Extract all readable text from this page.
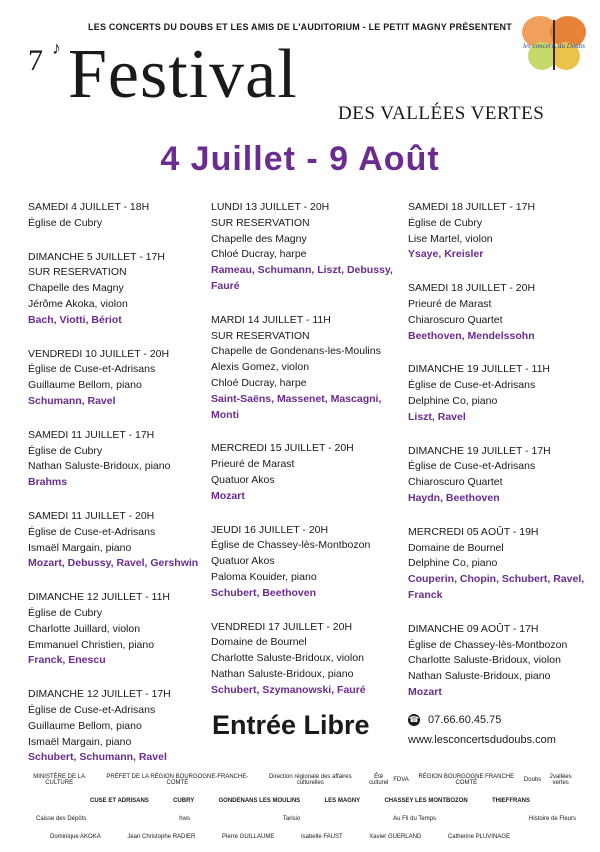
LES CONCERTS DU DOUBS ET LES AMIS DE L'AUDITORIUM - LE PETIT MAGNY PRÉSENTENT
7 ♪ Festival
DES VALLÉES VERTES
4 Juillet - 9 Août
les concerts du Doubs
SAMEDI 4 JUILLET - 18H
Église de Cubry
DIMANCHE 5 JUILLET - 17H
SUR RESERVATION
Chapelle des Magny
Jérôme Akoka, violon
Bach, Viotti, Bériot
VENDREDI 10 JUILLET - 20H
Église de Cuse-et-Adrisans
Guillaume Bellom, piano
Schumann, Ravel
SAMEDI 11 JUILLET - 17H
Église de Cubry
Nathan Saluste-Bridoux, piano
Brahms
SAMEDI 11 JUILLET - 20H
Église de Cuse-et-Adrisans
Ismaël Margain, piano
Mozart, Debussy, Ravel, Gershwin
DIMANCHE 12 JUILLET - 11H
Église de Cubry
Charlotte Juillard, violon
Emmanuel Christien, piano
Franck, Enescu
DIMANCHE 12 JUILLET - 17H
Église de Cuse-et-Adrisans
Guillaume Bellom, piano
Ismaël Margain, piano
Schubert, Schumann, Ravel
LUNDI 13 JUILLET - 20H
SUR RESERVATION
Chapelle des Magny
Chloé Ducray, harpe
Rameau, Schumann, Liszt, Debussy, Fauré
MARDI 14 JUILLET - 11H
SUR RESERVATION
Chapelle de Gondenans-les-Moulins
Alexis Gomez, violon
Chloé Ducray, harpe
Saint-Saëns, Massenet, Mascagni, Monti
MERCREDI 15 JUILLET - 20H
Prieuré de Marast
Quatuor Akos
Mozart
JEUDI 16 JUILLET - 20H
Église de Chassey-lès-Montbozon
Quatuor Akos
Paloma Kouider, piano
Schubert, Beethoven
VENDREDI 17 JUILLET - 20H
Domaine de Bournel
Charlotte Saluste-Bridoux, violon
Nathan Saluste-Bridoux, piano
Schubert, Szymanowski, Fauré
SAMEDI 18 JUILLET - 17H
Église de Cubry
Lise Martel, violon
Ysaye, Kreisler
SAMEDI 18 JUILLET - 20H
Prieuré de Marast
Chiaroscuro Quartet
Beethoven, Mendelssohn
DIMANCHE 19 JUILLET - 11H
Église de Cuse-et-Adrisans
Delphine Co, piano
Liszt, Ravel
DIMANCHE 19 JUILLET - 17H
Église de Cuse-et-Adrisans
Chiaroscuro Quartet
Haydn, Beethoven
MERCREDI 05 AOÛT - 19H
Domaine de Bournel
Delphine Co, piano
Couperin, Chopin, Schubert, Ravel, Franck
DIMANCHE 09 AOÛT - 17H
Église de Chassey-lès-Montbozon
Charlotte Saluste-Bridoux, violon
Nathan Saluste-Bridoux, piano
Mozart
Entrée Libre	☎ 07.66.60.45.75
www.lesconcertsdudoubs.com
MINISTÈRE DE LA CULTURE
PRÉFET DE LA RÉGION BOURGOGNE-FRANCHE-COMTÉ
Direction régionale des affaires culturelles
Été culturel FDVA	RÉGION BOURGOGNE FRANCHE COMTÉ	Doubs	2vallées vertes
CUSE ET ADRISANS	CUBRY	GONDENANS LES MOULINS	LES MAGNY	CHASSEY LES MONTBOZON	THIEFFRANS
Caisse des Dépôts	hws	Tarisio	Au Fil du Temps	Histoire de Fleurs
Dominique AKOKA	Jean Christophe RADIER	Pierre GUILLAUME	Isabelle FAUST	Xavier GUERLAND	Catherine PLUVINAGE
